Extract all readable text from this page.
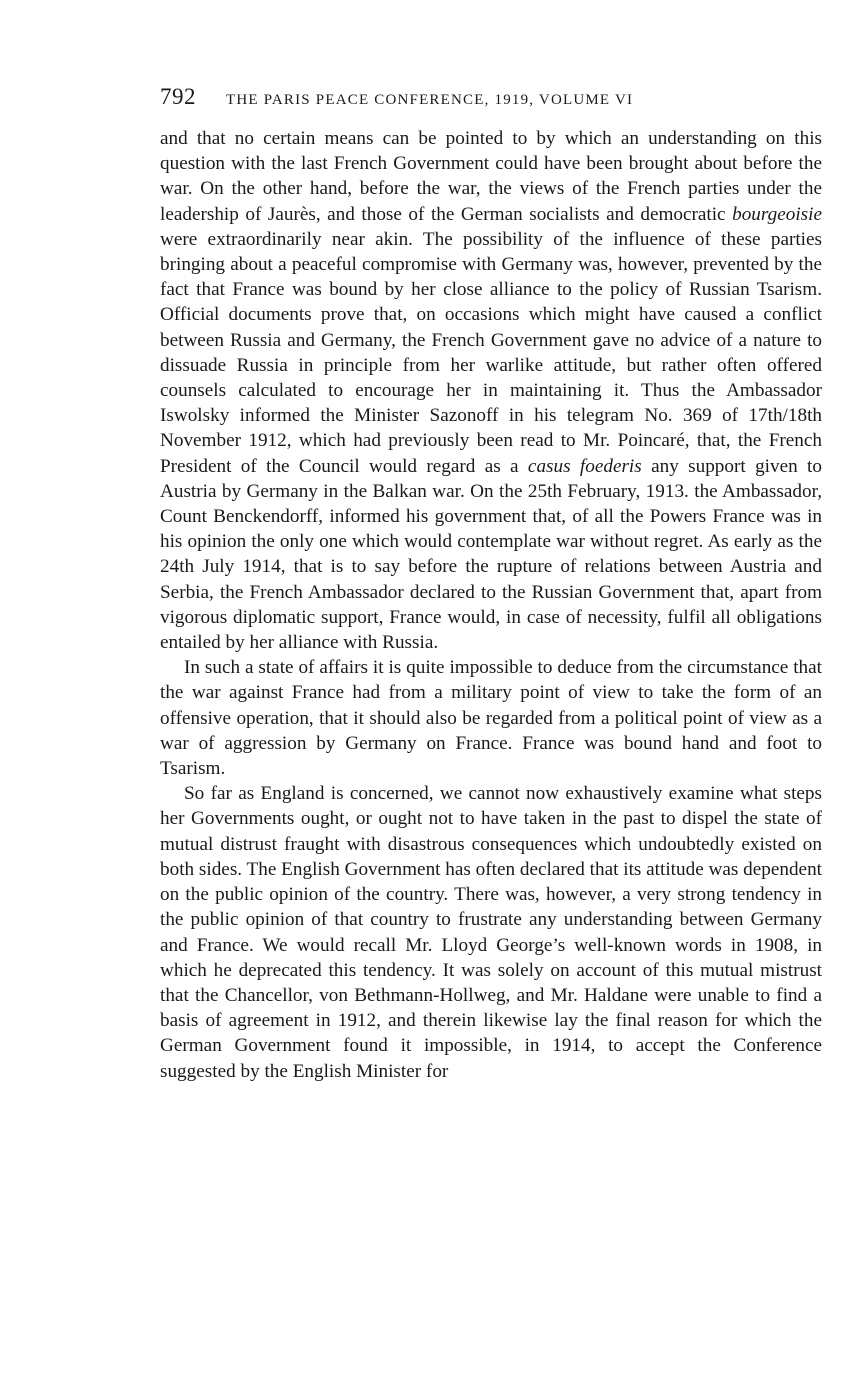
792 THE PARIS PEACE CONFERENCE, 1919, VOLUME VI

and that no certain means can be pointed to by which an understanding on this question with the last French Government could have been brought about before the war. On the other hand, before the war, the views of the French parties under the leadership of Jaurès, and those of the German socialists and democratic bourgeoisie were extraordinarily near akin. The possibility of the influence of these parties bringing about a peaceful compromise with Germany was, however, prevented by the fact that France was bound by her close alliance to the policy of Russian Tsarism. Official documents prove that, on occasions which might have caused a conflict between Russia and Germany, the French Government gave no advice of a nature to dissuade Russia in principle from her warlike attitude, but rather often offered counsels calculated to encourage her in maintaining it. Thus the Ambassador Iswolsky informed the Minister Sazonoff in his telegram No. 369 of 17th/18th November 1912, which had previously been read to Mr. Poincaré, that, the French President of the Council would regard as a casus foederis any support given to Austria by Germany in the Balkan war. On the 25th February, 1913. the Ambassador, Count Benckendorff, informed his government that, of all the Powers France was in his opinion the only one which would contemplate war without regret. As early as the 24th July 1914, that is to say before the rupture of relations between Austria and Serbia, the French Ambassador declared to the Russian Government that, apart from vigorous diplomatic support, France would, in case of necessity, fulfil all obligations entailed by her alliance with Russia.

In such a state of affairs it is quite impossible to deduce from the circumstance that the war against France had from a military point of view to take the form of an offensive operation, that it should also be regarded from a political point of view as a war of aggression by Germany on France. France was bound hand and foot to Tsarism.

So far as England is concerned, we cannot now exhaustively examine what steps her Governments ought, or ought not to have taken in the past to dispel the state of mutual distrust fraught with disastrous consequences which undoubtedly existed on both sides. The English Government has often declared that its attitude was dependent on the public opinion of the country. There was, however, a very strong tendency in the public opinion of that country to frustrate any understanding between Germany and France. We would recall Mr. Lloyd George’s well-known words in 1908, in which he deprecated this tendency. It was solely on account of this mutual mistrust that the Chancellor, von Bethmann-Hollweg, and Mr. Haldane were unable to find a basis of agreement in 1912, and therein likewise lay the final reason for which the German Government found it impossible, in 1914, to accept the Conference suggested by the English Minister for
